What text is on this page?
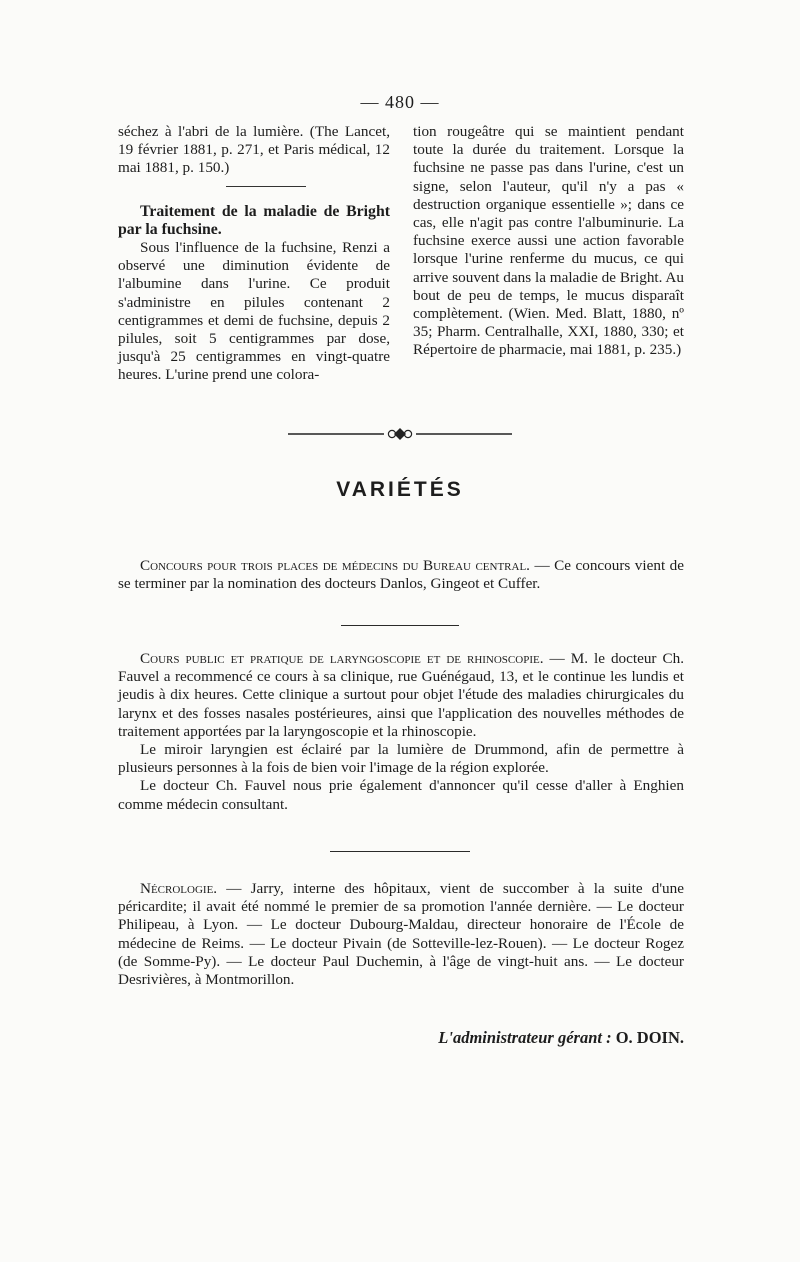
— 480 —

séchez à l'abri de la lumière. (The Lancet, 19 février 1881, p. 271, et Paris médical, 12 mai 1881, p. 150.)

Traitement de la maladie de Bright par la fuchsine.

Sous l'influence de la fuchsine, Renzi a observé une diminution évidente de l'albumine dans l'urine. Ce produit s'administre en pilules contenant 2 centigrammes et demi de fuchsine, depuis 2 pilules, soit 5 centigrammes par dose, jusqu'à 25 centigrammes en vingt-quatre heures. L'urine prend une colora-

tion rougeâtre qui se maintient pendant toute la durée du traitement. Lorsque la fuchsine ne passe pas dans l'urine, c'est un signe, selon l'auteur, qu'il n'y a pas « destruction organique essentielle »; dans ce cas, elle n'agit pas contre l'albuminurie. La fuchsine exerce aussi une action favorable lorsque l'urine renferme du mucus, ce qui arrive souvent dans la maladie de Bright. Au bout de peu de temps, le mucus disparaît complètement. (Wien. Med. Blatt, 1880, nº 35; Pharm. Centralhalle, XXI, 1880, 330; et Répertoire de pharmacie, mai 1881, p. 235.)

VARIÉTÉS

Concours pour trois places de médecins du Bureau central. — Ce concours vient de se terminer par la nomination des docteurs Danlos, Gingeot et Cuffer.

Cours public et pratique de laryngoscopie et de rhinoscopie. — M. le docteur Ch. Fauvel a recommencé ce cours à sa clinique, rue Guénégaud, 13, et le continue les lundis et jeudis à dix heures. Cette clinique a surtout pour objet l'étude des maladies chirurgicales du larynx et des fosses nasales postérieures, ainsi que l'application des nouvelles méthodes de traitement apportées par la laryngoscopie et la rhinoscopie.

Le miroir laryngien est éclairé par la lumière de Drummond, afin de permettre à plusieurs personnes à la fois de bien voir l'image de la région explorée.

Le docteur Ch. Fauvel nous prie également d'annoncer qu'il cesse d'aller à Enghien comme médecin consultant.

Nécrologie. — Jarry, interne des hôpitaux, vient de succomber à la suite d'une péricardite; il avait été nommé le premier de sa promotion l'année dernière. — Le docteur Philipeau, à Lyon. — Le docteur Dubourg-Maldau, directeur honoraire de l'École de médecine de Reims. — Le docteur Pivain (de Sotteville-lez-Rouen). — Le docteur Rogez (de Somme-Py). — Le docteur Paul Duchemin, à l'âge de vingt-huit ans. — Le docteur Desrivières, à Montmorillon.

L'administrateur gérant : O. DOIN.
